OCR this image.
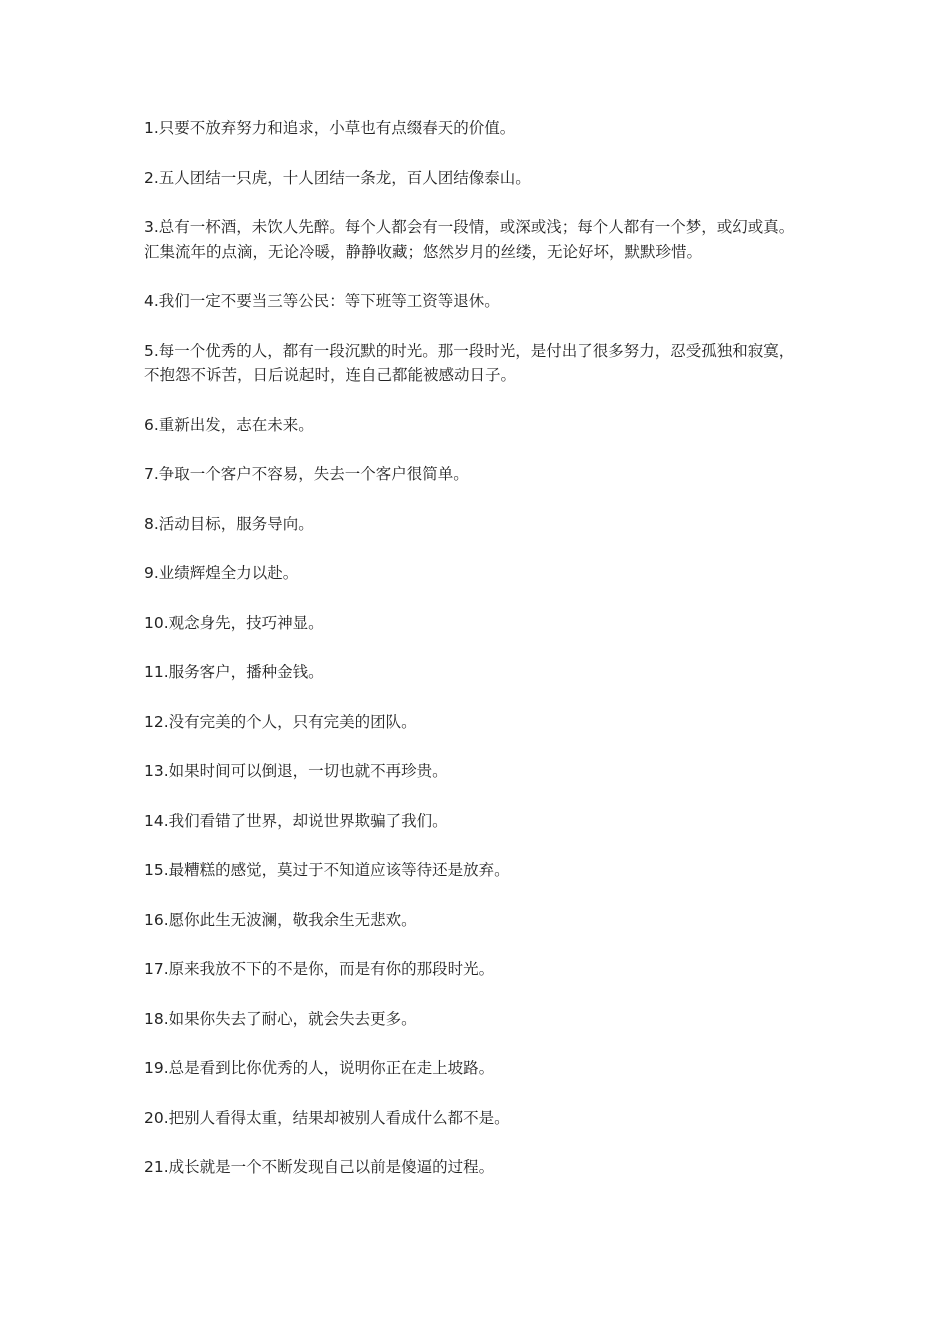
1.只要不放弃努力和追求，小草也有点缀春天的价值。

2.五人团结一只虎，十人团结一条龙，百人团结像泰山。

3.总有一杯酒，未饮人先醉。每个人都会有一段情，或深或浅；每个人都有一个梦，或幻或真。汇集流年的点滴，无论冷暖，静静收藏；悠然岁月的丝缕，无论好坏，默默珍惜。

4.我们一定不要当三等公民：等下班等工资等退休。

5.每一个优秀的人，都有一段沉默的时光。那一段时光，是付出了很多努力，忍受孤独和寂寞，不抱怨不诉苦，日后说起时，连自己都能被感动日子。

6.重新出发，志在未来。

7.争取一个客户不容易，失去一个客户很简单。

8.活动目标，服务导向。

9.业绩辉煌全力以赴。

10.观念身先，技巧神显。

11.服务客户，播种金钱。

12.没有完美的个人，只有完美的团队。

13.如果时间可以倒退，一切也就不再珍贵。

14.我们看错了世界，却说世界欺骗了我们。

15.最糟糕的感觉，莫过于不知道应该等待还是放弃。

16.愿你此生无波澜，敬我余生无悲欢。

17.原来我放不下的不是你，而是有你的那段时光。

18.如果你失去了耐心，就会失去更多。

19.总是看到比你优秀的人，说明你正在走上坡路。

20.把别人看得太重，结果却被别人看成什么都不是。

21.成长就是一个不断发现自己以前是傻逼的过程。
